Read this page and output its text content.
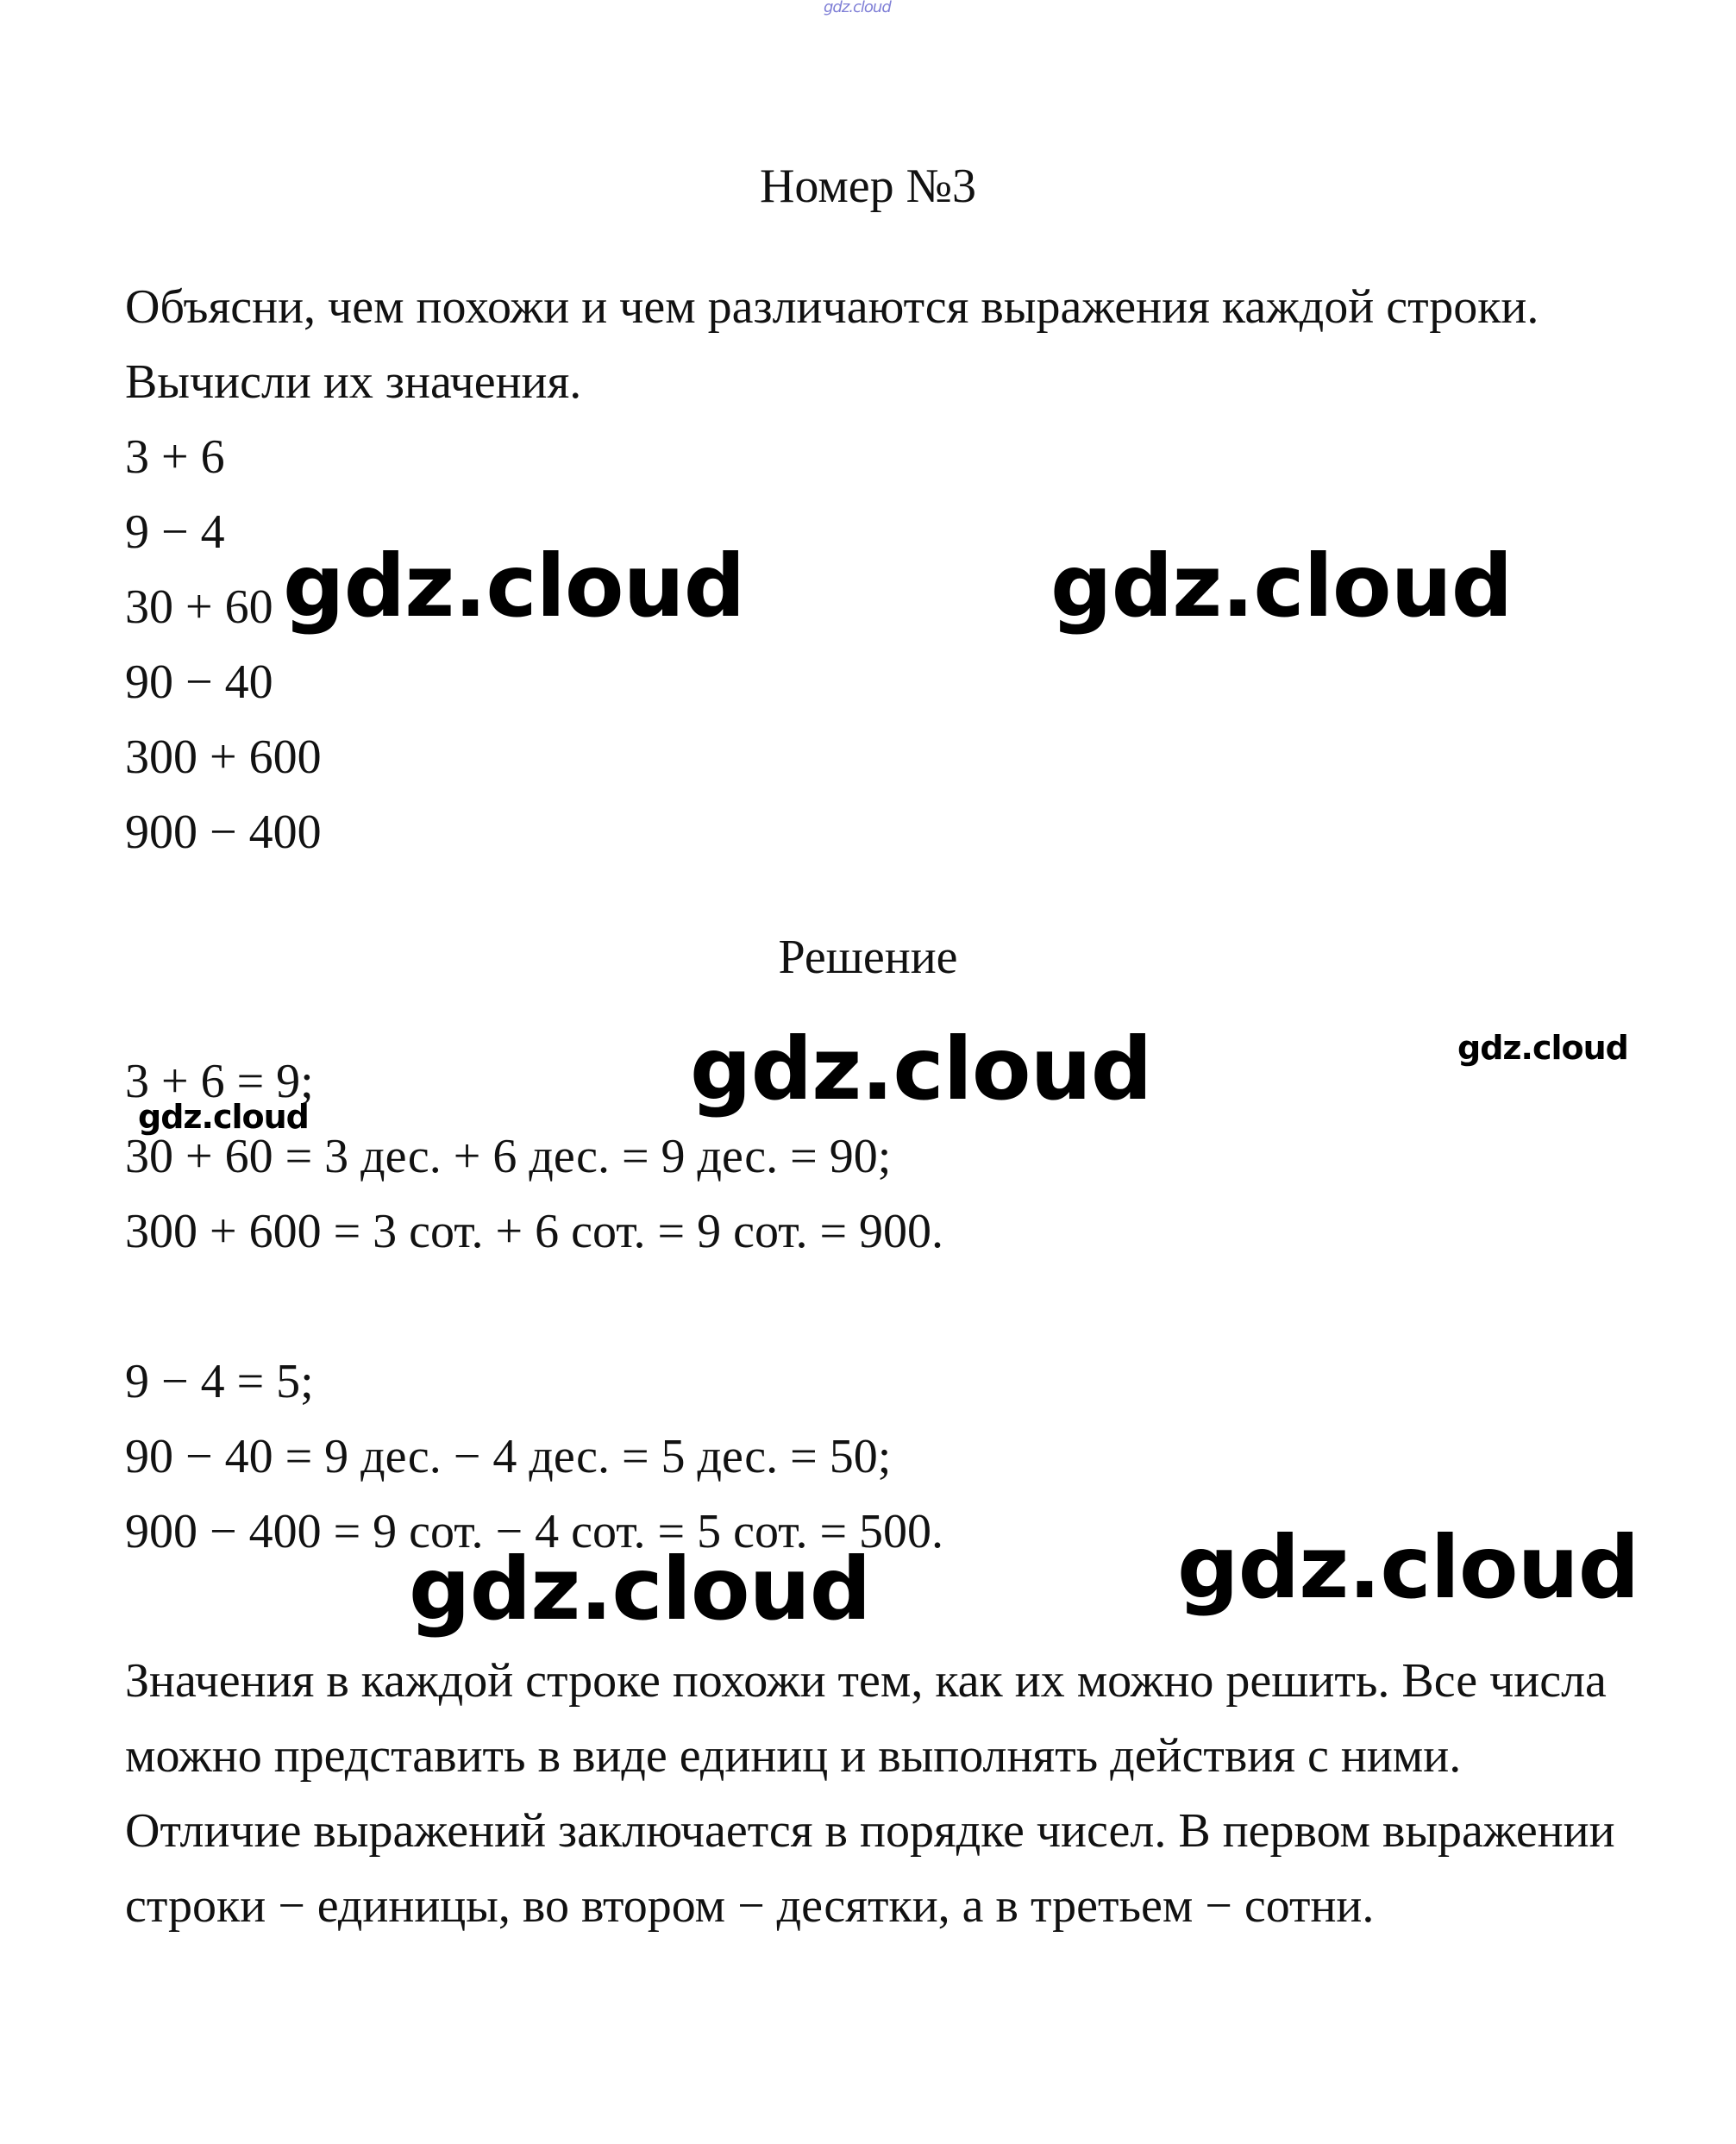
gdz.cloud
Номер №3
Объясни, чем похожи и чем различаются выражения каждой строки.
Вычисли их значения.
3 + 6
9 − 4
30 + 60
90 − 40
300 + 600
900 − 400
Решение
3 + 6 = 9;
30 + 60 = 3 дес. + 6 дес. = 9 дес. = 90;
300 + 600 = 3 сот. + 6 сот. = 9 сот. = 900.
9 − 4 = 5;
90 − 40 = 9 дес. − 4 дес. = 5 дес. = 50;
900 − 400 = 9 сот. − 4 сот. = 5 сот. = 500.
Значения в каждой строке похожи тем, как их можно решить. Все числа можно представить в виде единиц и выполнять действия с ними. Отличие выражений заключается в порядке чисел. В первом выражении строки − единицы, во втором − десятки, а в третьем − сотни.
gdz.cloud	gdz.cloud
gdz.cloud
gdz.cloud
gdz.cloud
gdz.cloud
gdz.cloud
